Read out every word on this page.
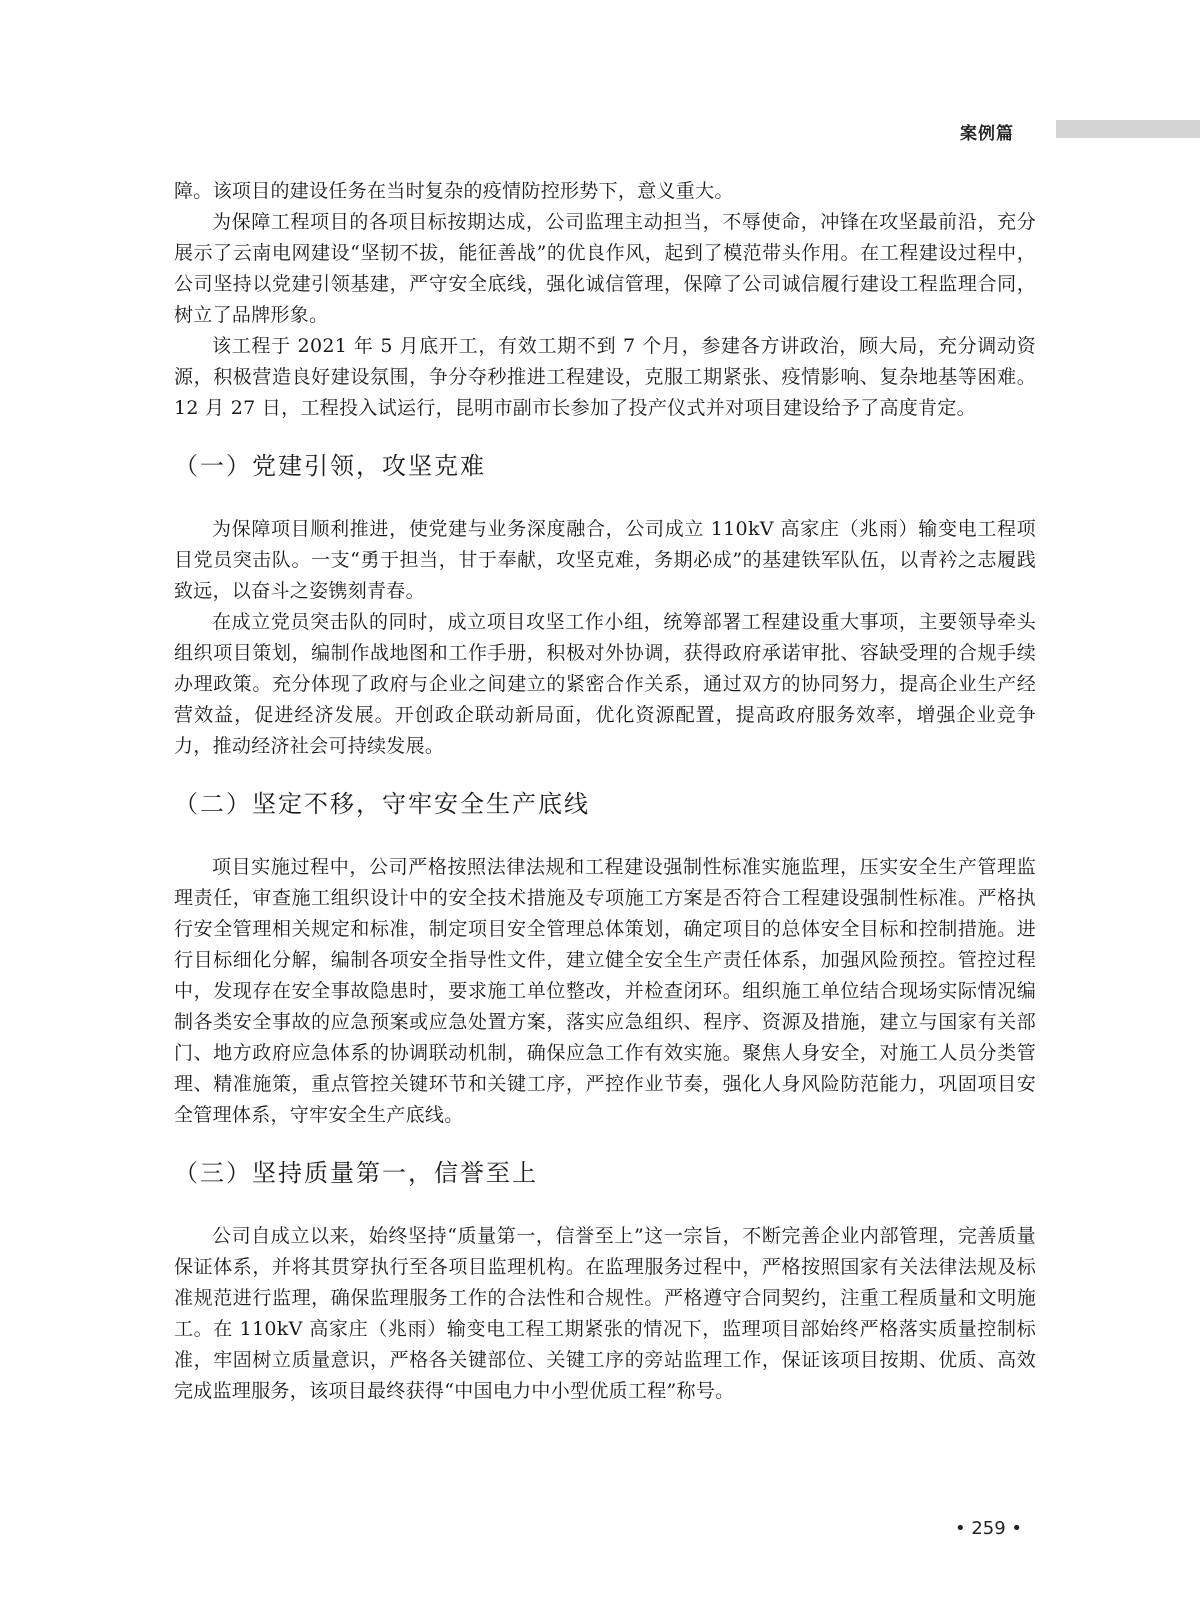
案例篇

障。该项目的建设任务在当时复杂的疫情防控形势下，意义重大。

为保障工程项目的各项目标按期达成，公司监理主动担当，不辱使命，冲锋在攻坚最前沿，充分展示了云南电网建设“坚韧不拔，能征善战”的优良作风，起到了模范带头作用。在工程建设过程中，公司坚持以党建引领基建，严守安全底线，强化诚信管理，保障了公司诚信履行建设工程监理合同，树立了品牌形象。

该工程于 2021 年 5 月底开工，有效工期不到 7 个月，参建各方讲政治，顾大局，充分调动资源，积极营造良好建设氛围，争分夺秒推进工程建设，克服工期紧张、疫情影响、复杂地基等困难。12 月 27 日，工程投入试运行，昆明市副市长参加了投产仪式并对项目建设给予了高度肯定。

（一）党建引领，攻坚克难

为保障项目顺利推进，使党建与业务深度融合，公司成立 110kV 高家庄（兆雨）输变电工程项目党员突击队。一支“勇于担当，甘于奉献，攻坚克难，务期必成”的基建铁军队伍，以青衿之志履践致远，以奋斗之姿镌刻青春。

在成立党员突击队的同时，成立项目攻坚工作小组，统筹部署工程建设重大事项，主要领导牵头组织项目策划，编制作战地图和工作手册，积极对外协调，获得政府承诺审批、容缺受理的合规手续办理政策。充分体现了政府与企业之间建立的紧密合作关系，通过双方的协同努力，提高企业生产经营效益，促进经济发展。开创政企联动新局面，优化资源配置，提高政府服务效率，增强企业竞争力，推动经济社会可持续发展。

（二）坚定不移，守牢安全生产底线

项目实施过程中，公司严格按照法律法规和工程建设强制性标准实施监理，压实安全生产管理监理责任，审查施工组织设计中的安全技术措施及专项施工方案是否符合工程建设强制性标准。严格执行安全管理相关规定和标准，制定项目安全管理总体策划，确定项目的总体安全目标和控制措施。进行目标细化分解，编制各项安全指导性文件，建立健全安全生产责任体系，加强风险预控。管控过程中，发现存在安全事故隐患时，要求施工单位整改，并检查闭环。组织施工单位结合现场实际情况编制各类安全事故的应急预案或应急处置方案，落实应急组织、程序、资源及措施，建立与国家有关部门、地方政府应急体系的协调联动机制，确保应急工作有效实施。聚焦人身安全，对施工人员分类管理、精准施策，重点管控关键环节和关键工序，严控作业节奏，强化人身风险防范能力，巩固项目安全管理体系，守牢安全生产底线。

（三）坚持质量第一，信誉至上

公司自成立以来，始终坚持“质量第一，信誉至上”这一宗旨，不断完善企业内部管理，完善质量保证体系，并将其贯穿执行至各项目监理机构。在监理服务过程中，严格按照国家有关法律法规及标准规范进行监理，确保监理服务工作的合法性和合规性。严格遵守合同契约，注重工程质量和文明施工。在 110kV 高家庄（兆雨）输变电工程工期紧张的情况下，监理项目部始终严格落实质量控制标准，牢固树立质量意识，严格各关键部位、关键工序的旁站监理工作，保证该项目按期、优质、高效完成监理服务，该项目最终获得“中国电力中小型优质工程”称号。

• 259 •
